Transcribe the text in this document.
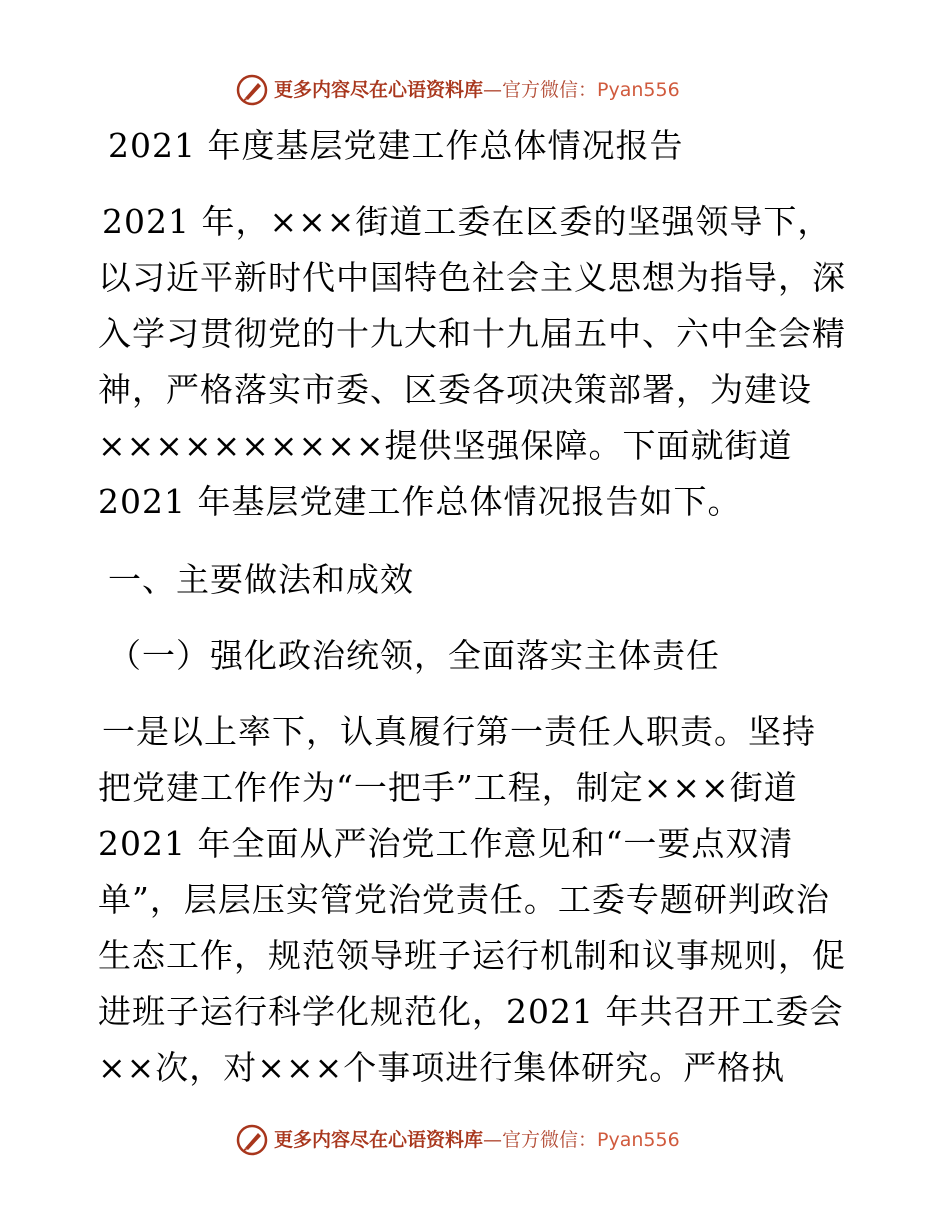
更多内容尽在心语资料库—官方微信：Pyan556
2021 年度基层党建工作总体情况报告
2021 年，×××街道工委在区委的坚强领导下，
以习近平新时代中国特色社会主义思想为指导，深
入学习贯彻党的十九大和十九届五中、六中全会精
神，严格落实市委、区委各项决策部署，为建设
××××××××××提供坚强保障。下面就街道
2021 年基层党建工作总体情况报告如下。
一、主要做法和成效
（一）强化政治统领，全面落实主体责任
一是以上率下，认真履行第一责任人职责。坚持
把党建工作作为“一把手”工程，制定×××街道
2021 年全面从严治党工作意见和“一要点双清
单”，层层压实管党治党责任。工委专题研判政治
生态工作，规范领导班子运行机制和议事规则，促
进班子运行科学化规范化，2021 年共召开工委会
××次，对×××个事项进行集体研究。严格执
更多内容尽在心语资料库—官方微信：Pyan556
